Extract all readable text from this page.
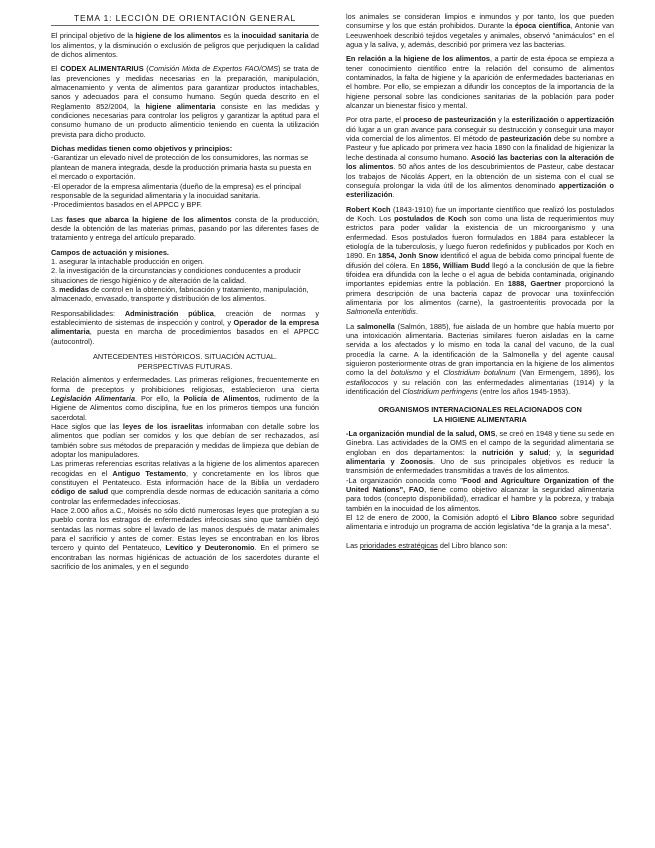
TEMA 1: LECCIÓN DE ORIENTACIÓN GENERAL

El principal objetivo de la higiene de los alimentos es la inocuidad sanitaria de los alimentos, y la disminución o exclusión de peligros que perjudiquen la calidad de dichos alimentos.

El CODEX ALIMENTARIUS (Comisión Mixta de Expertos FAO/OMS) se trata de las prevenciones y medidas necesarias en la preparación, manipulación, almacenamiento y venta de alimentos para garantizar productos intachables, sanos y adecuados para el consumo humano. Según queda descrito en el Reglamento 852/2004, la higiene alimentaria consiste en las medidas y condiciones necesarias para controlar los peligros y garantizar la aptitud para el consumo humano de un producto alimenticio teniendo en cuenta la utilización prevista para dicho producto.

Dichas medidas tienen como objetivos y principios:
-Garantizar un elevado nivel de protección de los consumidores, las normas se plantean de manera integrada, desde la producción primaria hasta su puesta en el mercado o exportación.
-El operador de la empresa alimentaria (dueño de la empresa) es el principal responsable de la seguridad alimentaria y la inocuidad sanitaria.
-Procedimientos basados en el APPCC y BPF.

Las fases que abarca la higiene de los alimentos consta de la producción, desde la obtención de las materias primas, pasando por las diferentes fases de tratamiento y entrega del artículo preparado.

Campos de actuación y misiones.
1. asegurar la intachable producción en origen.
2. la investigación de la circunstancias y condiciones conducentes a producir situaciones de riesgo higiénico y de alteración de la calidad.
3. medidas de control en la obtención, fabricación y tratamiento, manipulación, almacenado, envasado, transporte y distribución de los alimentos.

Responsabilidades: Administración pública, creación de normas y establecimiento de sistemas de inspección y control, y Operador de la empresa alimentaria, puesta en marcha de procedimientos basados en el APPCC (autocontrol).

ANTECEDENTES HISTÓRICOS. SITUACIÓN ACTUAL.
PERSPECTIVAS FUTURAS.

Relación alimentos y enfermedades. Las primeras religiones, frecuentemente en forma de preceptos y prohibiciones religiosas, establecieron una cierta Legislación Alimentaria. Por ello, la Policía de Alimentos, rudimento de la Higiene de Alimentos como disciplina, fue en los primeros tiempos una función sacerdotal.

Hace siglos que las leyes de los israelitas informaban con detalle sobre los alimentos que podían ser comidos y los que debían de ser rechazados, así también sobre sus métodos de preparación y medidas de limpieza que debían de adoptar los manipuladores.

Las primeras referencias escritas relativas a la higiene de los alimentos aparecen recogidas en el Antiguo Testamento, y concretamente en los libros que constituyen el Pentateuco. Esta información hace de la Biblia un verdadero código de salud que comprendía desde normas de educación sanitaria a cómo controlar las enfermedades infecciosas.

Hace 2.000 años a.C., Moisés no sólo dictó numerosas leyes que protegían a su pueblo contra los estragos de enfermedades infecciosas sino que también dejó sentadas las normas sobre el lavado de las manos después de matar animales para el sacrificio y antes de comer. Estas leyes se encontraban en los libros tercero y quinto del Pentateuco, Levítico y Deuteronomio. En el primero se encontraban las normas higiénicas de actuación de los sacerdotes durante el sacrificio de los animales, y en el segundo

los animales se consideran limpios e inmundos y por tanto, los que pueden consumirse y los que están prohibidos. Durante la época científica, Antonie van Leeuwenhoek describió tejidos vegetales y animales, observó "animáculos" en el agua y la saliva, y, además, describió por primera vez las bacterias.

En relación a la higiene de los alimentos, a partir de esta época se empieza a tener conocimiento científico entre la relación del consumo de alimentos contaminados, la falta de higiene y la aparición de enfermedades bacterianas en el hombre. Por ello, se empiezan a difundir los conceptos de la importancia de la higiene personal sobre las condiciones sanitarias de la población para poder alcanzar un bienestar físico y mental.

Por otra parte, el proceso de pasteurización y la esterilización o appertización dió lugar a un gran avance para conseguir su destrucción y conseguir una mayor vida comercial de los alimentos. El método de pasteurización debe su nombre a Pasteur y fue aplicado por primera vez hacia 1890 con la finalidad de higienizar la leche destinada al consumo humano. Asoció las bacterias con la alteración de los alimentos. 50 años antes de los descubrimientos de Pasteur, cabe destacar los trabajos de Nicolás Appert, en la obtención de un sistema con el cual se conseguía prolongar la vida útil de los alimentos denominado appertización o esterilización.

Robert Koch (1843-1910) fue un importante científico que realizó los postulados de Koch. Los postulados de Koch son como una lista de requerimientos muy estrictos para poder validar la existencia de un microorganismo y una enfermedad. Esos postulados fueron formulados en 1884 para establecer la etiología de la tuberculosis, y luego fueron redefinidos y publicados por Koch en 1890. En 1854, Jonh Snow identificó el agua de bebida como principal fuente de difusión del cólera. En 1856, William Budd llegó a la conclusión de que la fiebre tifoidea era difundida con la leche o el agua de bebida contaminada, originando importantes epidemias entre la población. En 1888, Gaertner proporcionó la primera descripción de una bacteria capaz de provocar una toxiinfección alimentaria por los alimentos (carne), la gastroenteritis provocada por la Salmonella enteritidis.

La salmonella (Salmón, 1885), fue aislada de un hombre que había muerto por una intoxicación alimentaria. Bacterias similares fueron aisladas en la carne servida a los afectados y lo mismo en toda la canal del vacuno, de la cual procedía la carne. A la identificación de la Salmonella y del agente causal siguieron posteriormente otras de gran importancia en la higiene de los alimentos como la del botulismo y el Clostridium botulinum (Van Ermengem, 1896), los estafilococos y su relación con las enfermedades alimentarias (1914) y la identificación del Clostridium perfringens (entre los años 1945-1953).

ORGANISMOS INTERNACIONALES RELACIONADOS CON
LA HIGIENE ALIMENTARIA

-La organización mundial de la salud, OMS, se creó en 1948 y tiene su sede en Ginebra. Las actividades de la OMS en el campo de la seguridad alimentaria se engloban en dos departamentos: la nutrición y salud; y, la seguridad alimentaria y Zoonosis. Uno de sus principales objetivos es reducir la transmisión de enfermedades transmitidas a través de los alimentos.

-La organización conocida como "Food and Agriculture Organization of the United Nations", FAO, tiene como objetivo alcanzar la seguridad alimentaria para todos (concepto disponibilidad), erradicar el hambre y la pobreza, y trabaja también en la inocuidad de los alimentos.

El 12 de enero de 2000, la Comisión adoptó el Libro Blanco sobre seguridad alimentaria e introdujo un programa de acción legislativa "de la granja a la mesa".

Las prioridades estratégicas del Libro blanco son:
